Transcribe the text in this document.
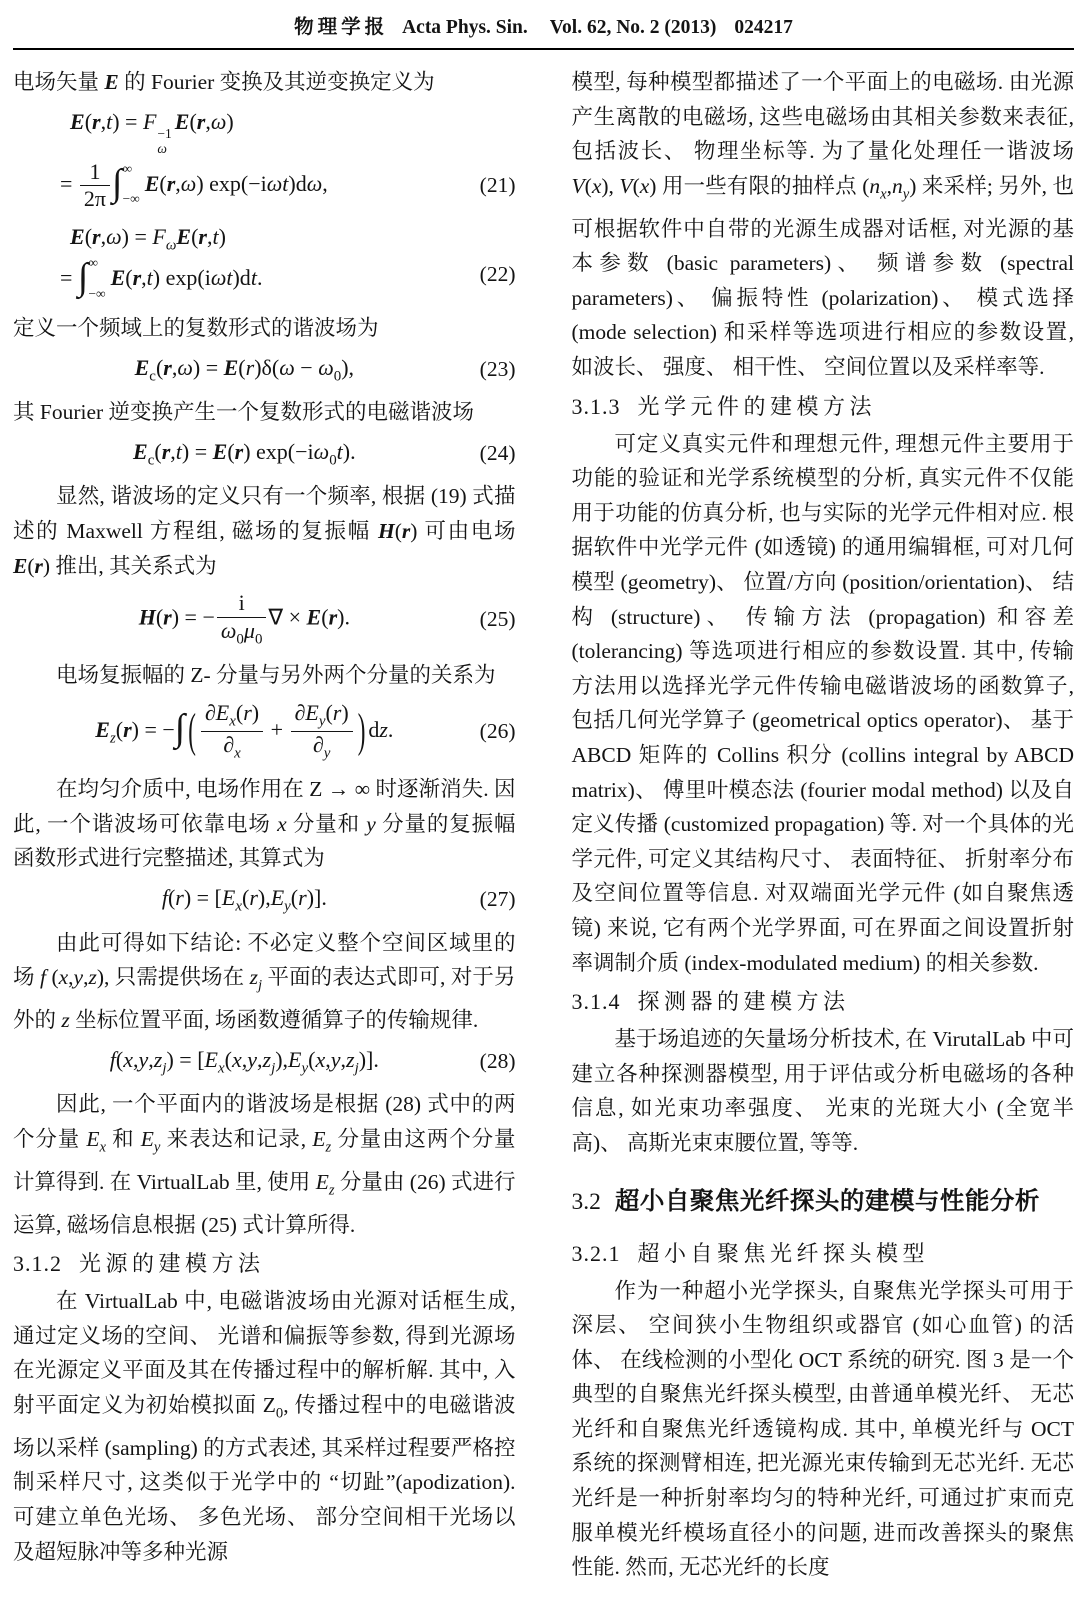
物理学报 Acta Phys. Sin. Vol. 62, No. 2 (2013) 024217

电场矢量 E 的 Fourier 变换及其逆变换定义为

E(r,t) = F −1
ω
E(r,ω)
= $\frac{1}{2\pi}$ ∫ ∞
−∞
E(r,ω) exp(−iωt)dω,	(21)
$E(r,\omega) = F_\omega E(r,t)$
= ∫ ∞
−∞
E(r,t) exp(iωt)dt.	(22)

定义一个频域上的复数形式的谐波场为

$E_c(r,\omega) = E(r)\delta(\omega - \omega_0)$,	(23)

其 Fourier 逆变换产生一个复数形式的电磁谐波场

$E_c(r,t) = E(r)$ $\exp(-i\omega_0t)$.	(24)

显然, 谐波场的定义只有一个频率, 根据 (19) 式描述的 Maxwell 方程组, 磁场的复振幅 H(r) 可由电场 E(r) 推出, 其关系式为

H(r) = − $\frac{i}{\omega_0\mu_0}$ ∇ × E(r).	(25)

电场复振幅的 Z- 分量与另外两个分量的关系为

$E_z(r)$ = −∫ ( $\frac{\partial E_x(r)}{\partial_x} + \frac{\partial E_y(r)}{\partial_y}$ ) dz.	(26)

在均匀介质中, 电场作用在 Z → ∞ 时逐渐消失. 因此, 一个谐波场可依靠电场 x 分量和 y 分量的复振幅函数形式进行完整描述, 其算式为

$f(r) = [E_x(r),E_y(r)]$.	(27)

由此可得如下结论: 不必定义整个空间区域里的场 f (x,y,z), 只需提供场在 $z_j$ 平面的表达式即可, 对于另外的 z 坐标位置平面, 场函数遵循算子的传输规律.

$f(x,y,z_j) = [E_x(x,y,z_j),E_y(x,y,z_j)]$.	(28)

因此, 一个平面内的谐波场是根据 (28) 式中的两个分量 $E_x$ 和 $E_y$ 来表达和记录, $E_z$ 分量由这两个分量计算得到. 在 VirtualLab 里, 使用 $E_z$ 分量由 (26) 式进行运算, 磁场信息根据 (25) 式计算所得.

3.1.2 光源的建模方法

在 VirtualLab 中, 电磁谐波场由光源对话框生成, 通过定义场的空间、 光谱和偏振等参数, 得到光源场在光源定义平面及其在传播过程中的解析解. 其中, 入射平面定义为初始模拟面 $Z_0$, 传播过程中的电磁谐波场以采样 (sampling) 的方式表述, 其采样过程要严格控制采样尺寸, 这类似于光学中的 “切趾”(apodization). 可建立单色光场、 多色光场、 部分空间相干光场以及超短脉冲等多种光源

模型, 每种模型都描述了一个平面上的电磁场. 由光源产生离散的电磁场, 这些电磁场由其相关参数来表征, 包括波长、 物理坐标等. 为了量化处理任一谐波场 V(x), V(x) 用一些有限的抽样点 $(n_x,n_y)$ 来采样; 另外, 也可根据软件中自带的光源生成器对话框, 对光源的基本参数 (basic parameters)、 频谱参数 (spectral parameters)、 偏振特性 (polarization)、 模式选择 (mode selection) 和采样等选项进行相应的参数设置, 如波长、 强度、 相干性、 空间位置以及采样率等.

3.1.3 光学元件的建模方法

可定义真实元件和理想元件, 理想元件主要用于功能的验证和光学系统模型的分析, 真实元件不仅能用于功能的仿真分析, 也与实际的光学元件相对应. 根据软件中光学元件 (如透镜) 的通用编辑框, 可对几何模型 (geometry)、 位置/方向 (position/orientation)、 结构 (structure)、 传输方法 (propagation) 和容差 (tolerancing) 等选项进行相应的参数设置. 其中, 传输方法用以选择光学元件传输电磁谐波场的函数算子, 包括几何光学算子 (geometrical optics operator)、 基于 ABCD 矩阵的 Collins 积分 (collins integral by ABCD matrix)、 傅里叶模态法 (fourier modal method) 以及自定义传播 (customized propagation) 等. 对一个具体的光学元件, 可定义其结构尺寸、 表面特征、 折射率分布及空间位置等信息. 对双端面光学元件 (如自聚焦透镜) 来说, 它有两个光学界面, 可在界面之间设置折射率调制介质 (index-modulated medium) 的相关参数.

3.1.4 探测器的建模方法

基于场追迹的矢量场分析技术, 在 VirutalLab 中可建立各种探测器模型, 用于评估或分析电磁场的各种信息, 如光束功率强度、 光束的光斑大小 (全宽半高)、 高斯光束束腰位置, 等等.

3.2 超小自聚焦光纤探头的建模与性能分析
3.2.1 超小自聚焦光纤探头模型

作为一种超小光学探头, 自聚焦光学探头可用于深层、 空间狭小生物组织或器官 (如心血管) 的活体、 在线检测的小型化 OCT 系统的研究. 图 3 是一个典型的自聚焦光纤探头模型, 由普通单模光纤、 无芯光纤和自聚焦光纤透镜构成. 其中, 单模光纤与 OCT 系统的探测臂相连, 把光源光束传输到无芯光纤. 无芯光纤是一种折射率均匀的特种光纤, 可通过扩束而克服单模光纤模场直径小的问题, 进而改善探头的聚焦性能. 然而, 无芯光纤的长度
